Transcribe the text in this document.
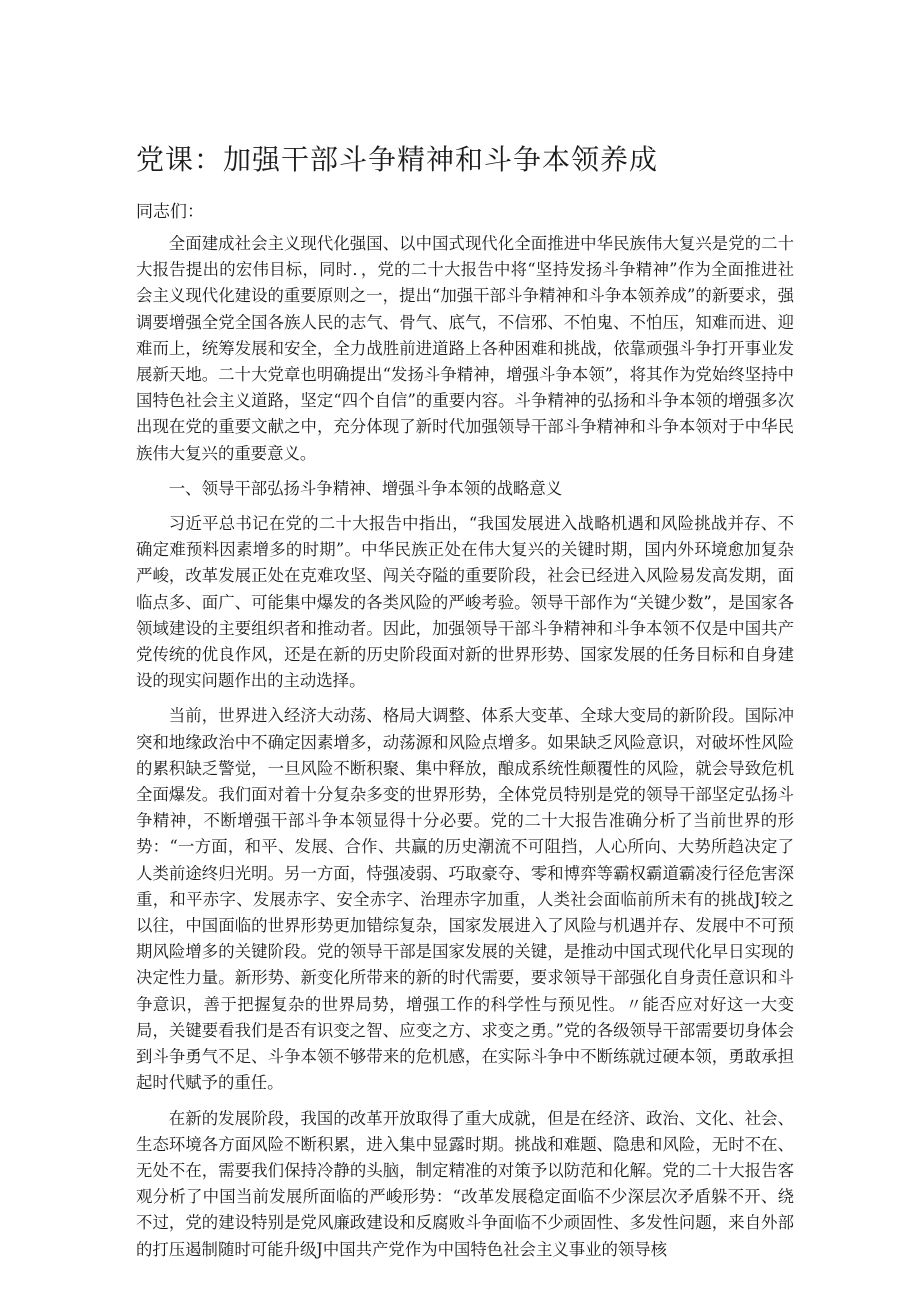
党课：加强干部斗争精神和斗争本领养成

同志们：

全面建成社会主义现代化强国、以中国式现代化全面推进中华民族伟大复兴是党的二十大报告提出的宏伟目标，同时．，党的二十大报告中将“坚持发扬斗争精神”作为全面推进社会主义现代化建设的重要原则之一，提出“加强干部斗争精神和斗争本领养成”的新要求，强调要增强全党全国各族人民的志气、骨气、底气，不信邪、不怕鬼、不怕压，知难而进、迎难而上，统筹发展和安全，全力战胜前进道路上各种困难和挑战，依靠顽强斗争打开事业发展新天地。二十大党章也明确提出“发扬斗争精神，增强斗争本领”，将其作为党始终坚持中国特色社会主义道路，坚定“四个自信”的重要内容。斗争精神的弘扬和斗争本领的增强多次出现在党的重要文献之中，充分体现了新时代加强领导干部斗争精神和斗争本领对于中华民族伟大复兴的重要意义。

一、领导干部弘扬斗争精神、增强斗争本领的战略意义

习近平总书记在党的二十大报告中指出，“我国发展进入战略机遇和风险挑战并存、不确定难预料因素增多的时期”。中华民族正处在伟大复兴的关键时期，国内外环境愈加复杂严峻，改革发展正处在克难攻坚、闯关夺隘的重要阶段，社会已经进入风险易发高发期，面临点多、面广、可能集中爆发的各类风险的严峻考验。领导干部作为“关键少数”，是国家各领域建设的主要组织者和推动者。因此，加强领导干部斗争精神和斗争本领不仅是中国共产党传统的优良作风，还是在新的历史阶段面对新的世界形势、国家发展的任务目标和自身建设的现实问题作出的主动选择。

当前，世界进入经济大动荡、格局大调整、体系大变革、全球大变局的新阶段。国际冲突和地缘政治中不确定因素增多，动荡源和风险点增多。如果缺乏风险意识，对破坏性风险的累积缺乏警觉，一旦风险不断积聚、集中释放，酿成系统性颠覆性的风险，就会导致危机全面爆发。我们面对着十分复杂多变的世界形势，全体党员特别是党的领导干部坚定弘扬斗争精神，不断增强干部斗争本领显得十分必要。党的二十大报告准确分析了当前世界的形势：“一方面，和平、发展、合作、共赢的历史潮流不可阻挡，人心所向、大势所趋决定了人类前途终归光明。另一方面，恃强凌弱、巧取豪夺、零和博弈等霸权霸道霸凌行径危害深重，和平赤字、发展赤字、安全赤字、治理赤字加重，人类社会面临前所未有的挑战J较之以往，中国面临的世界形势更加错综复杂，国家发展进入了风险与机遇并存、发展中不可预期风险增多的关键阶段。党的领导干部是国家发展的关键，是推动中国式现代化早日实现的决定性力量。新形势、新变化所带来的新的时代需要，要求领导干部强化自身责任意识和斗争意识，善于把握复杂的世界局势，增强工作的科学性与预见性。〃能否应对好这一大变局，关键要看我们是否有识变之智、应变之方、求变之勇。”党的各级领导干部需要切身体会到斗争勇气不足、斗争本领不够带来的危机感，在实际斗争中不断练就过硬本领，勇敢承担起时代赋予的重任。

在新的发展阶段，我国的改革开放取得了重大成就，但是在经济、政治、文化、社会、生态环境各方面风险不断积累，进入集中显露时期。挑战和难题、隐患和风险，无时不在、无处不在，需要我们保持冷静的头脑，制定精准的对策予以防范和化解。党的二十大报告客观分析了中国当前发展所面临的严峻形势：“改革发展稳定面临不少深层次矛盾躲不开、绕不过，党的建设特别是党风廉政建设和反腐败斗争面临不少顽固性、多发性问题，来自外部的打压遏制随时可能升级J中国共产党作为中国特色社会主义事业的领导核
